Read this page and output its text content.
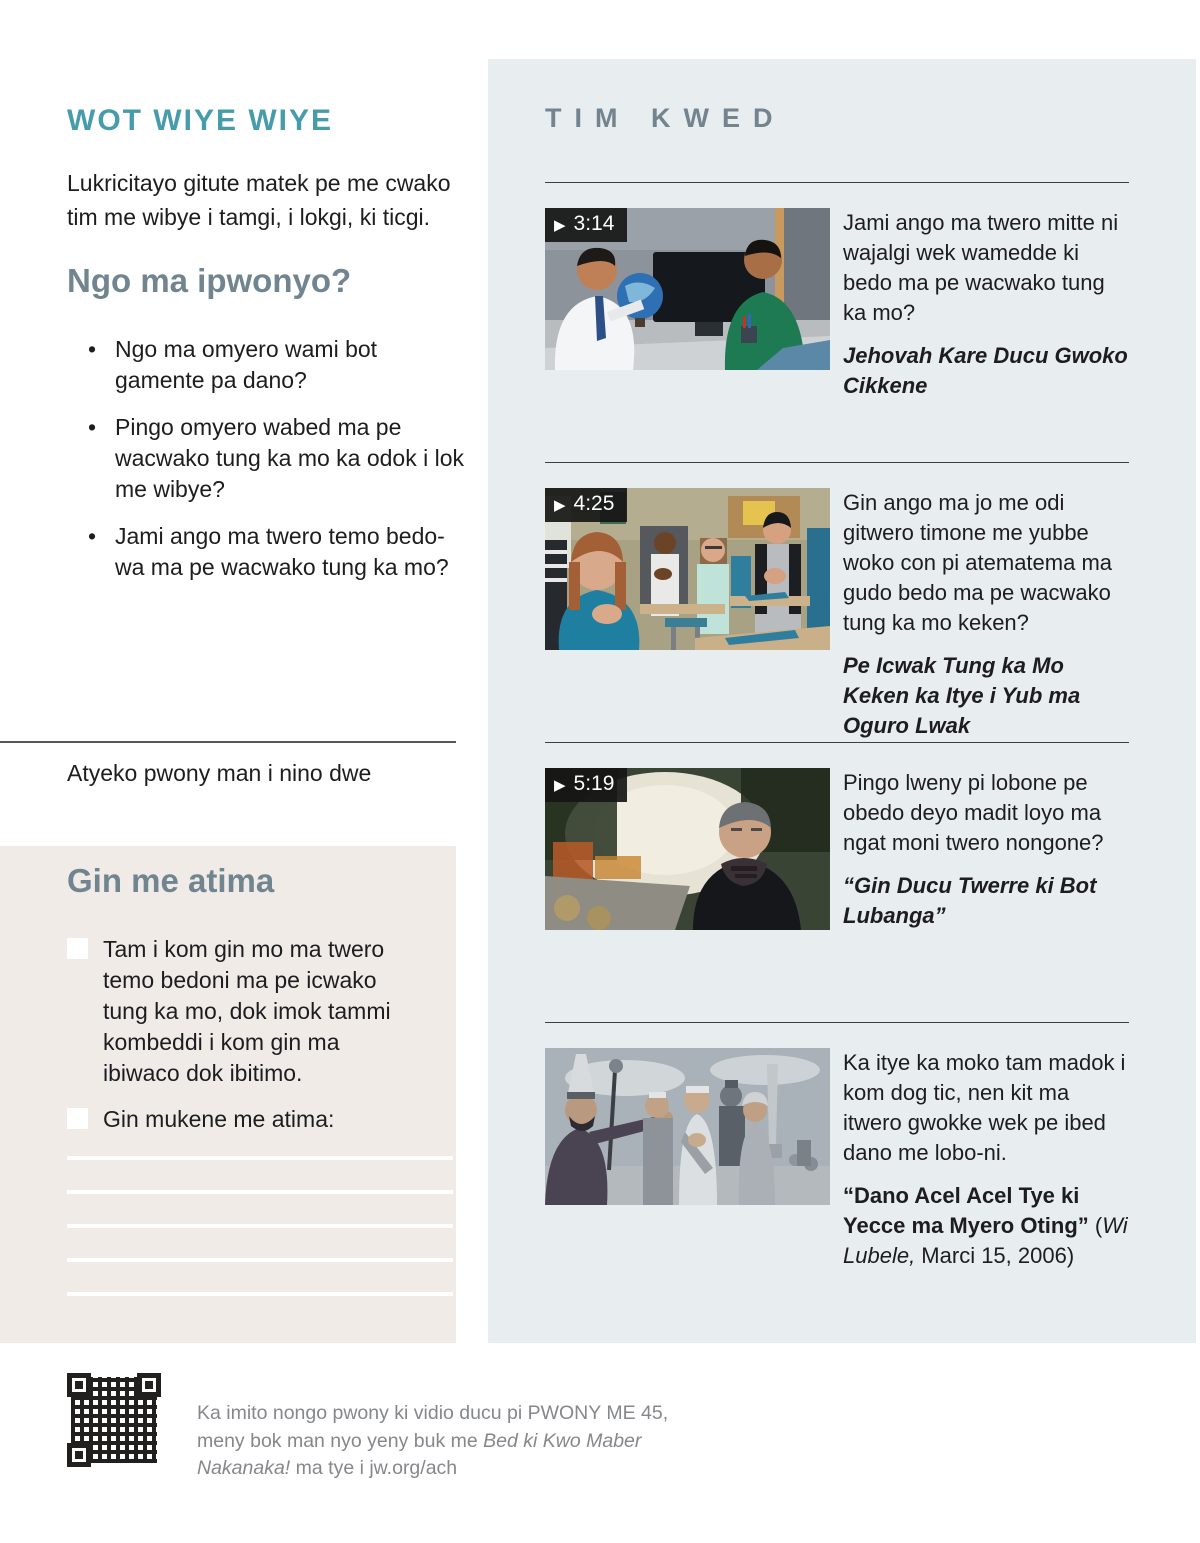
WOT WIYE WIYE

Lukricitayo gitute matek pe me cwako tim me wibye i tamgi, i lokgi, ki ticgi.

Ngo ma ipwonyo?
• Ngo ma omyero wami bot gamente pa dano?
• Pingo omyero wabed ma pe wacwako tung ka mo ka odok i lok me wibye?
• Jami ango ma twero temo bedo-wa ma pe wacwako tung ka mo?

Atyeko pwony man i nino dwe

Gin me atima
Tam i kom gin mo ma twero temo bedoni ma pe icwako tung ka mo, dok imok tammi kombeddi i kom gin ma ibiwaco dok ibitimo.
Gin mukene me atima:

Ka imito nongo pwony ki vidio ducu pi PWONY ME 45, meny bok man nyo yeny buk me Bed ki Kwo Maber Nakanaka! ma tye i jw.org/ach

TIM KWED
▶ 3:14	Jami ango ma twero mitte ni wajalgi wek wamedde ki bedo ma pe wacwako tung ka mo?

Jehovah Kare Ducu Gwoko Cikkene

▶ 4:25	Gin ango ma jo me odi gitwero timone me yubbe woko con pi atematema ma gudo bedo ma pe wacwako tung ka mo keken?

Pe Icwak Tung ka Mo Keken ka Itye i Yub ma Oguro Lwak

▶ 5:19	Pingo lweny pi lobone pe obedo deyo madit loyo ma ngat moni twero nongone?

“Gin Ducu Twerre ki Bot Lubanga”

Ka itye ka moko tam madok i kom dog tic, nen kit ma itwero gwokke wek pe ibed dano me lobo-ni.

“Dano Acel Acel Tye ki Yecce ma Myero Oting” (Wi Lubele, Marci 15, 2006)
